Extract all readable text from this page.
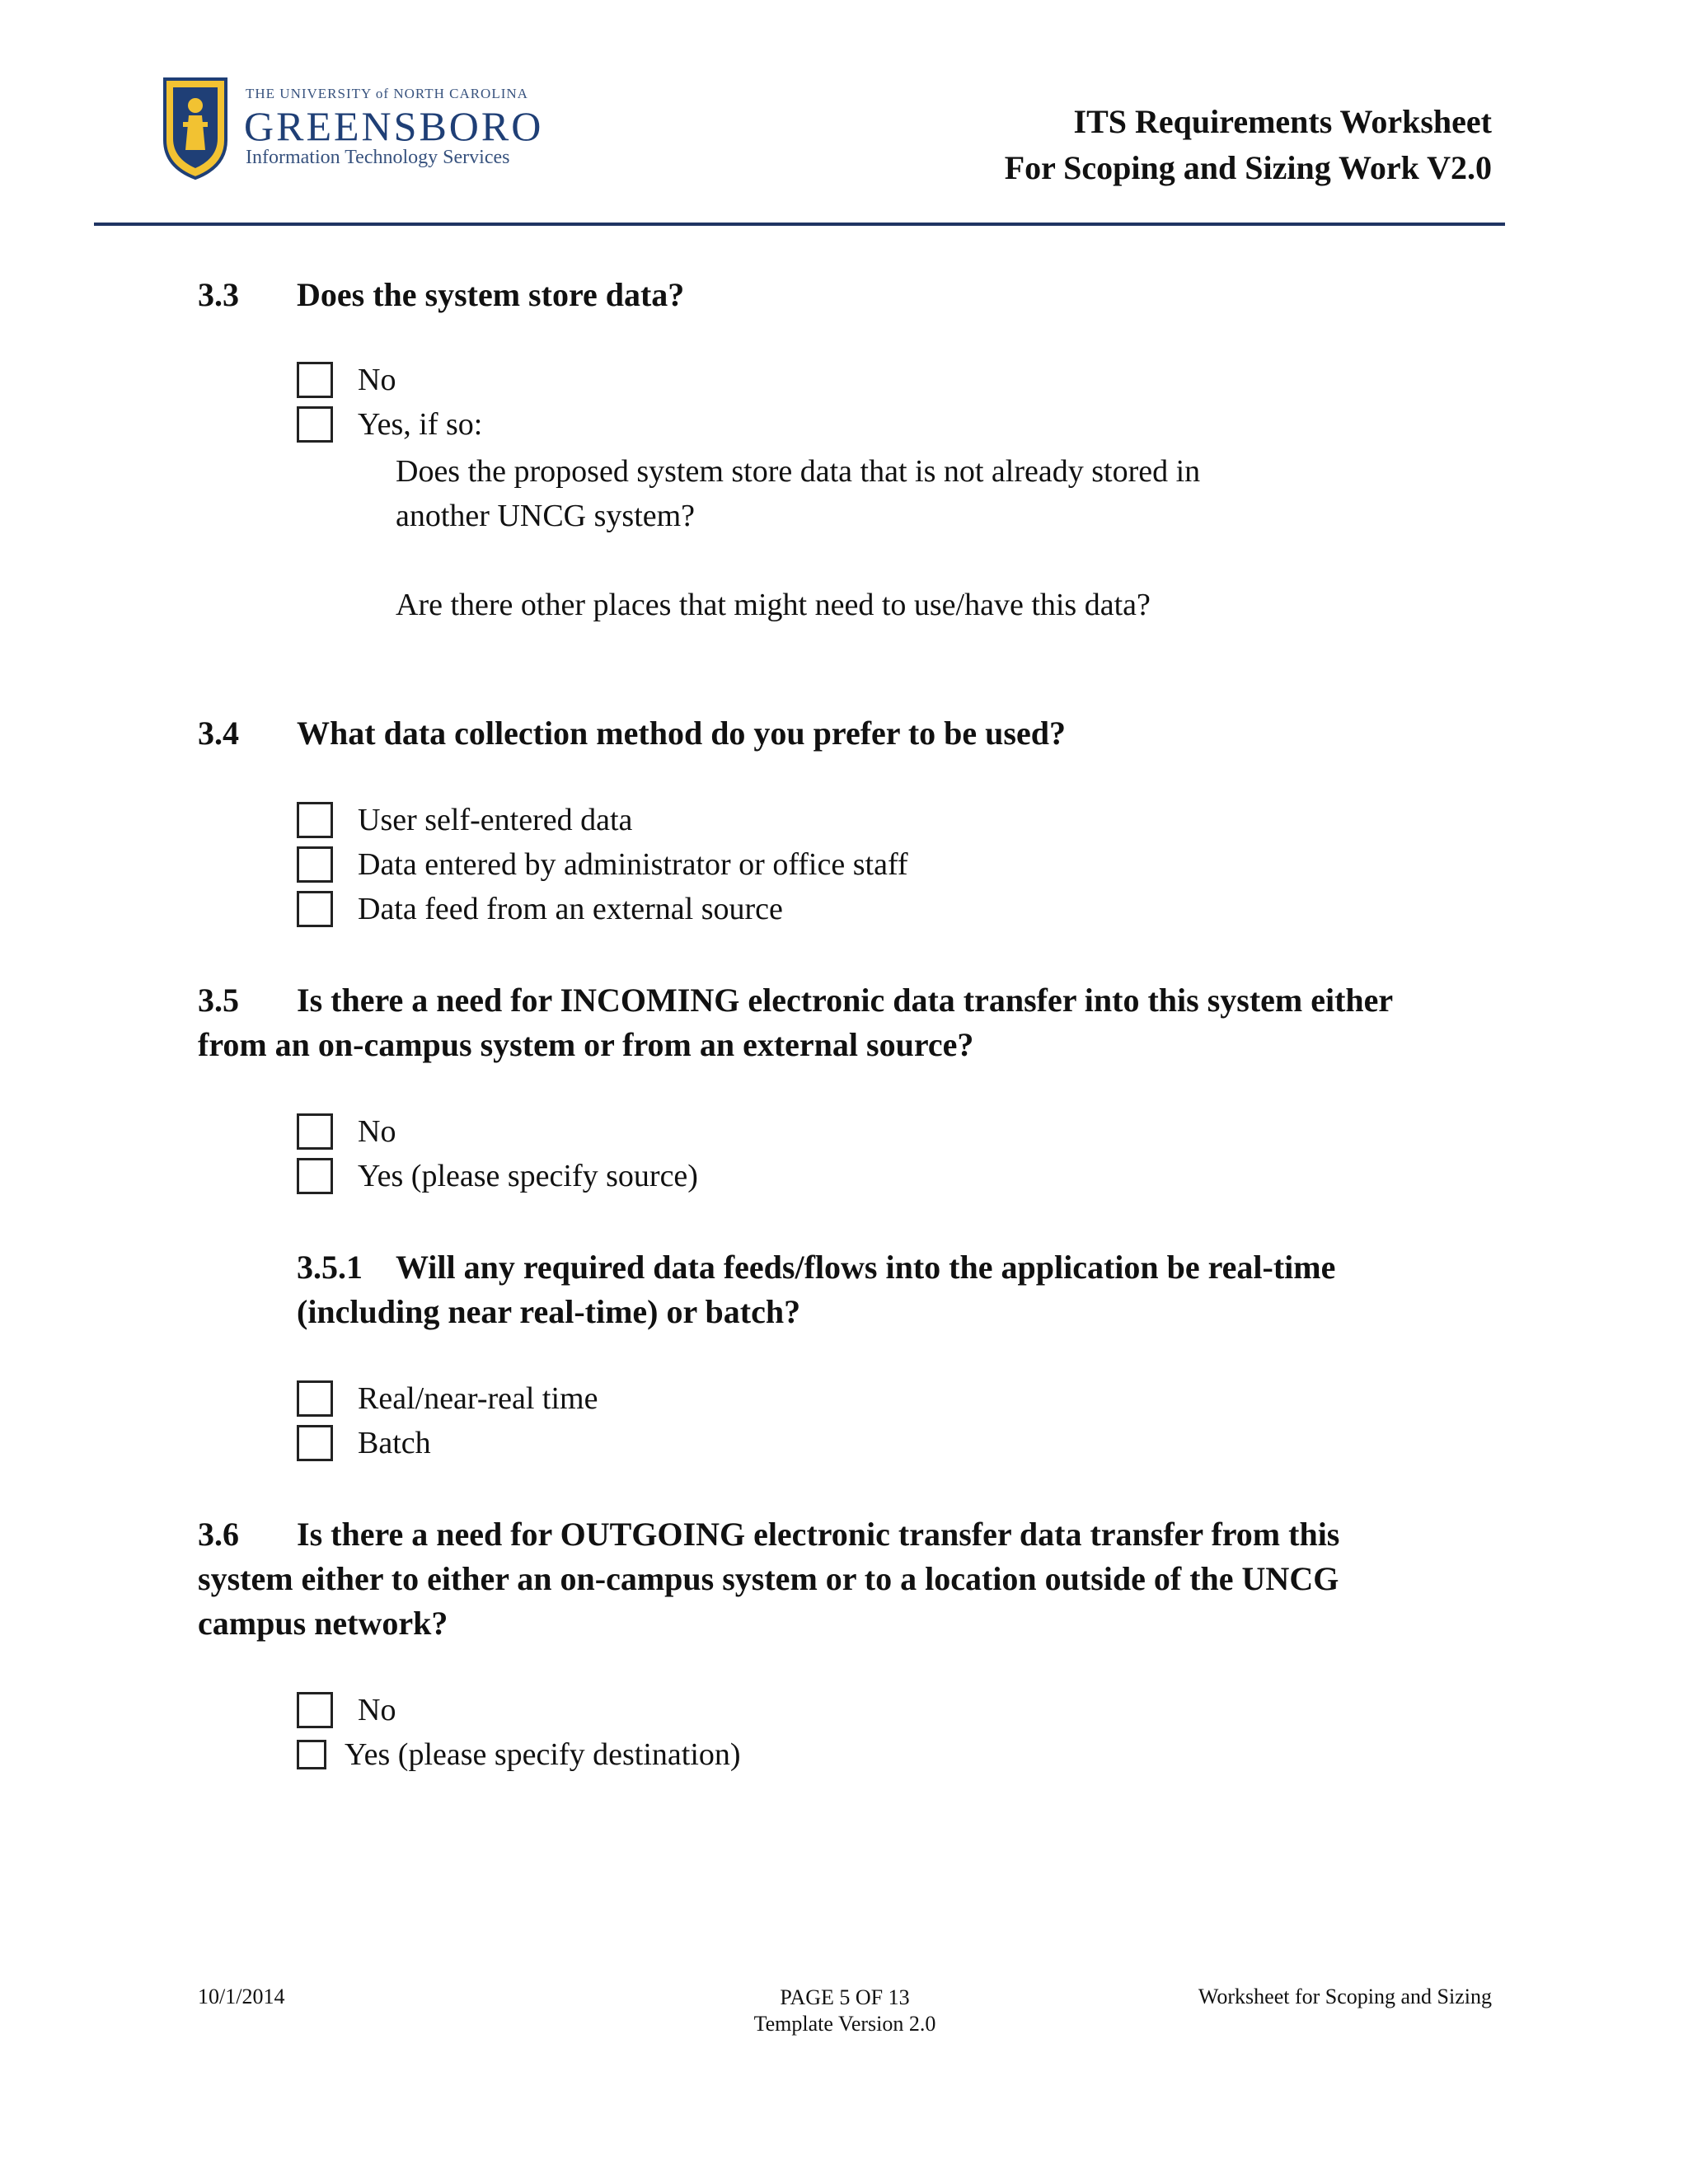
THE UNIVERSITY of NORTH CAROLINA
GREENSBORO
Information Technology Services
ITS Requirements Worksheet
For Scoping and Sizing Work V2.0
3.3 Does the system store data?
No
Yes, if so:
Does the proposed system store data that is not already stored in
another UNCG system?
Are there other places that might need to use/have this data?
3.4 What data collection method do you prefer to be used?
User self-entered data
Data entered by administrator or office staff
Data feed from an external source
3.5 Is there a need for INCOMING electronic data transfer into this system either
from an on-campus system or from an external source?
No
Yes (please specify source)
3.5.1 Will any required data feeds/flows into the application be real-time
(including near real-time) or batch?
Real/near-real time
Batch
3.6 Is there a need for OUTGOING electronic transfer data transfer from this
system either to either an on-campus system or to a location outside of the UNCG
campus network?
No
Yes (please specify destination)
10/1/2014	PAGE 5 OF 13
Template Version 2.0
Worksheet for Scoping and Sizing
